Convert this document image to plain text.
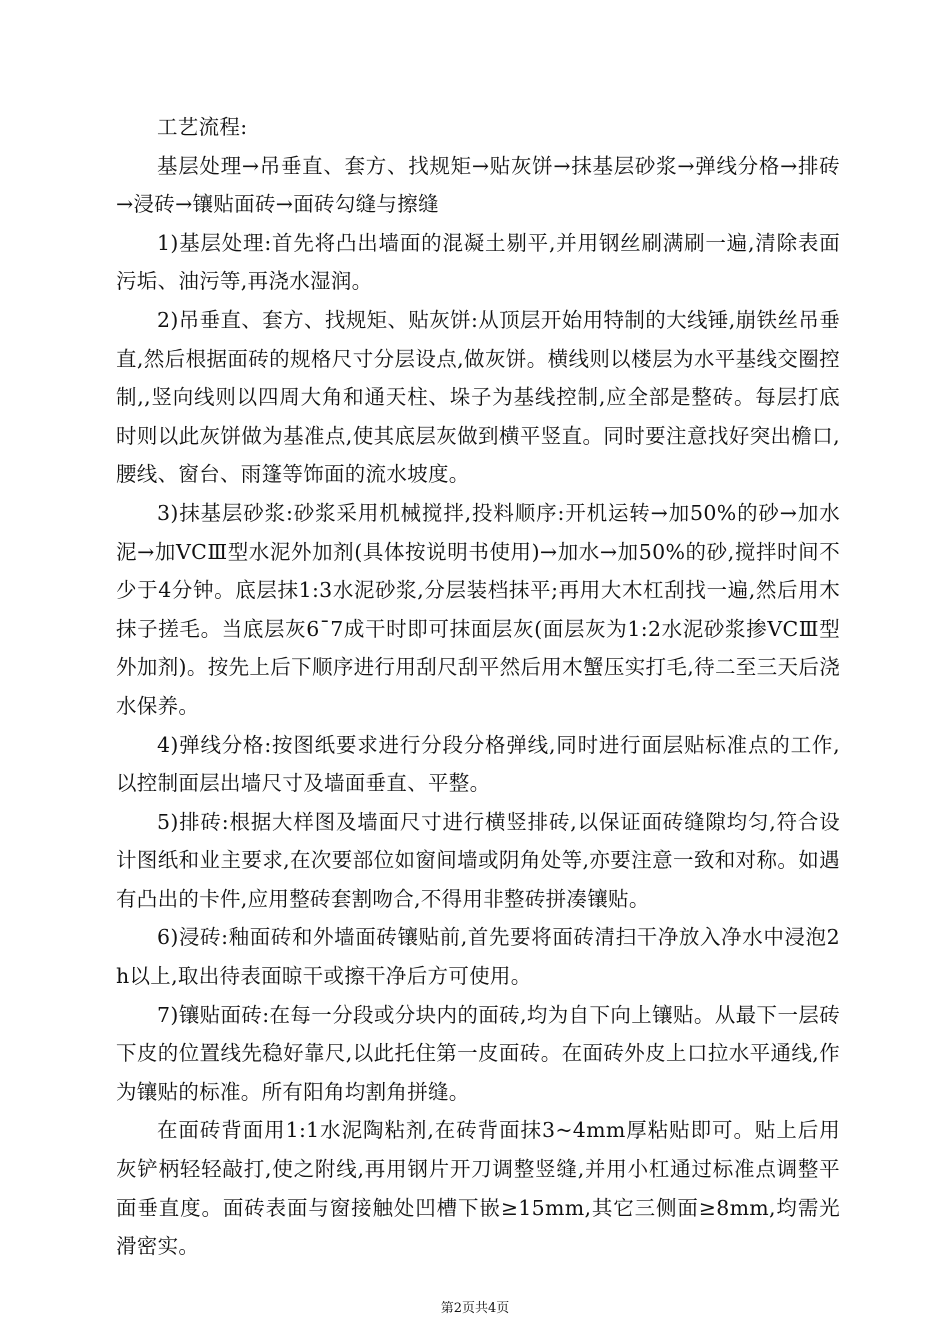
工艺流程:

基层处理→吊垂直、套方、找规矩→贴灰饼→抹基层砂浆→弹线分格→排砖→浸砖→镶贴面砖→面砖勾缝与擦缝

1)基层处理:首先将凸出墙面的混凝土剔平,并用钢丝刷满刷一遍,清除表面污垢、油污等,再浇水湿润。

2)吊垂直、套方、找规矩、贴灰饼:从顶层开始用特制的大线锤,崩铁丝吊垂直,然后根据面砖的规格尺寸分层设点,做灰饼。横线则以楼层为水平基线交圈控制,,竖向线则以四周大角和通天柱、垛子为基线控制,应全部是整砖。每层打底时则以此灰饼做为基准点,使其底层灰做到横平竖直。同时要注意找好突出檐口,腰线、窗台、雨篷等饰面的流水坡度。

3)抹基层砂浆:砂浆采用机械搅拌,投料顺序:开机运转→加50%的砂→加水泥→加VCⅢ型水泥外加剂(具体按说明书使用)→加水→加50%的砂,搅拌时间不少于4分钟。底层抹1:3水泥砂浆,分层装档抹平;再用大木杠刮找一遍,然后用木抹子搓毛。当底层灰6¯7成干时即可抹面层灰(面层灰为1:2水泥砂浆掺VCⅢ型外加剂)。按先上后下顺序进行用刮尺刮平然后用木蟹压实打毛,待二至三天后浇水保养。

4)弹线分格:按图纸要求进行分段分格弹线,同时进行面层贴标准点的工作,以控制面层出墙尺寸及墙面垂直、平整。

5)排砖:根据大样图及墙面尺寸进行横竖排砖,以保证面砖缝隙均匀,符合设计图纸和业主要求,在次要部位如窗间墙或阴角处等,亦要注意一致和对称。如遇有凸出的卡件,应用整砖套割吻合,不得用非整砖拼凑镶贴。

6)浸砖:釉面砖和外墙面砖镶贴前,首先要将面砖清扫干净放入净水中浸泡2h以上,取出待表面晾干或擦干净后方可使用。

7)镶贴面砖:在每一分段或分块内的面砖,均为自下向上镶贴。从最下一层砖下皮的位置线先稳好靠尺,以此托住第一皮面砖。在面砖外皮上口拉水平通线,作为镶贴的标准。所有阳角均割角拼缝。

在面砖背面用1:1水泥陶粘剂,在砖背面抹3~4mm厚粘贴即可。贴上后用灰铲柄轻轻敲打,使之附线,再用钢片开刀调整竖缝,并用小杠通过标准点调整平面垂直度。面砖表面与窗接触处凹槽下嵌≥15mm,其它三侧面≥8mm,均需光滑密实。

第2页共4页
